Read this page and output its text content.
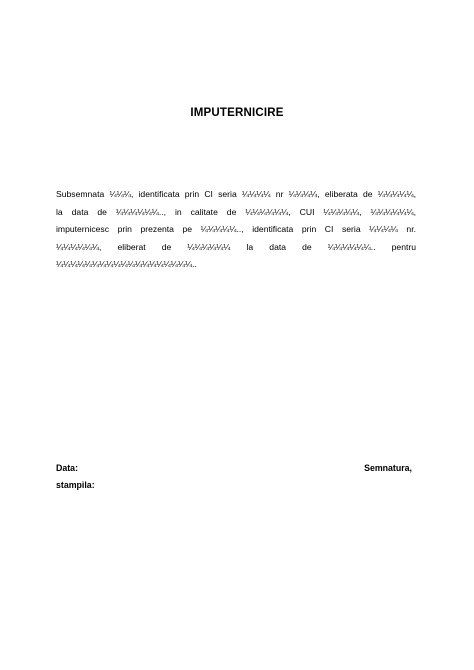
IMPUTERNICIRE
Subsemnata ¼¼¼, identificata prin CI seria ¼¼¼¼ nr ¼¼¼¼, eliberata de ¼¼¼¼¼,
la data de ¼¼¼¼¼¼.., in calitate de ¼¼¼¼¼¼, CUI ¼¼¼¼¼, ¼¼¼¼¼¼,
imputernicesc prin prezenta pe ¼¼¼¼¼.., identificata prin CI seria ¼¼¼¼ nr.
¼¼¼¼¼¼, eliberat de ¼¼¼¼¼¼ la data de ¼¼¼¼¼¼.. pentru
¼¼¼¼¼¼¼¼¼¼¼¼¼¼¼¼¼¼¼..
Data:
stampila:
Semnatura,
